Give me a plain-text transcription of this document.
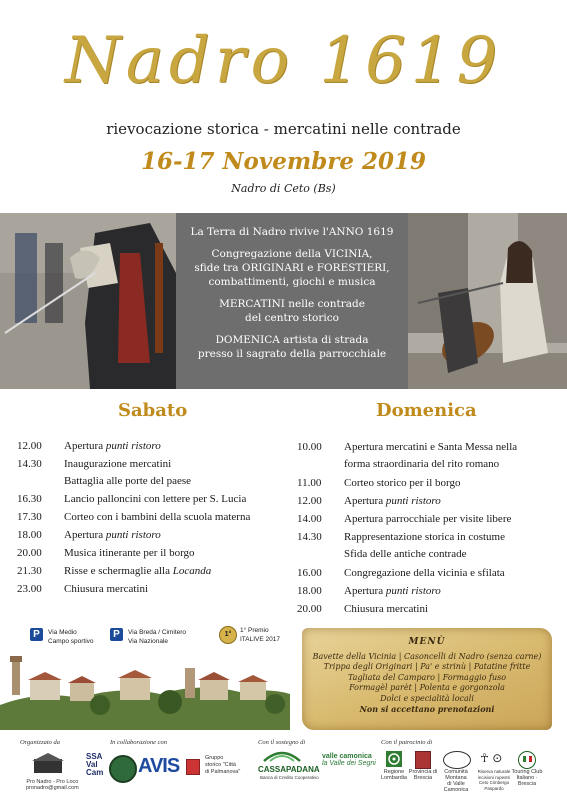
Nadro 1619
rievocazione storica - mercatini nelle contrade
16-17 Novembre 2019
Nadro di Ceto (Bs)
La Terra di Nadro rivive l'ANNO 1619
Congregazione della VICINIA,
sfide tra ORIGINARI e FORESTIERI,
combattimenti, giochi e musica
MERCATINI nelle contrade
del centro storico
DOMENICA artista di strada
presso il sagrato della parrocchiale
Sabato	Domenica
12.00 Apertura punti ristoro
14.30 Inaugurazione mercatini
Battaglia alle porte del paese
16.30 Lancio palloncini con lettere per S. Lucia
17.30 Corteo con i bambini della scuola materna
18.00 Apertura punti ristoro
20.00 Musica itinerante per il borgo
21.30 Risse e schermaglie alla Locanda
23.00 Chiusura mercatini
10.00 Apertura mercatini e Santa Messa nella
forma straordinaria del rito romano
11.00 Corteo storico per il borgo
12.00 Apertura punti ristoro
14.00 Apertura parrocchiale per visite libere
14.30 Rappresentazione storica in costume
Sfida delle antiche contrade
16.00 Congregazione della vicinia e sfilata
18.00 Apertura punti ristoro
20.00 Chiusura mercatini
P	Via Medio
Campo sportivo
P	Via Breda / Cimitero
Via Nazionale
1°
1° Premio
ITALIVE 2017	MENÙ
Bavette della Vicinia | Casoncelli di Nadro (senza carne)
Trippa degli Originari | Pa' e strinù | Patatine fritte
Tagliata del Camparo | Formaggio fuso
Formagèl parèt | Polenta e gorgonzola
Dolci e specialità locali
Non si accettano prenotazioni
Organizzato da	In collaborazione con	Con il sostegno di	Con il patrocinio di
Pro Nadro - Pro Loco
pronadro@gmail.com
SSA
Val
Cam AVIS	Gruppo
storico "Città
di Palmanova" CASSAPADANA
Banca di Credito Cooperativo
valle camonica
la Valle dei Segni
Regione
Lombardia
Provincia di
Brescia
Comunità Montana
di Valle Camonica
☥ ⊙
Riserva naturale
incisioni rupestri
Ceto Cimbergo Paspardo
Touring Club
Italiano · Brescia
